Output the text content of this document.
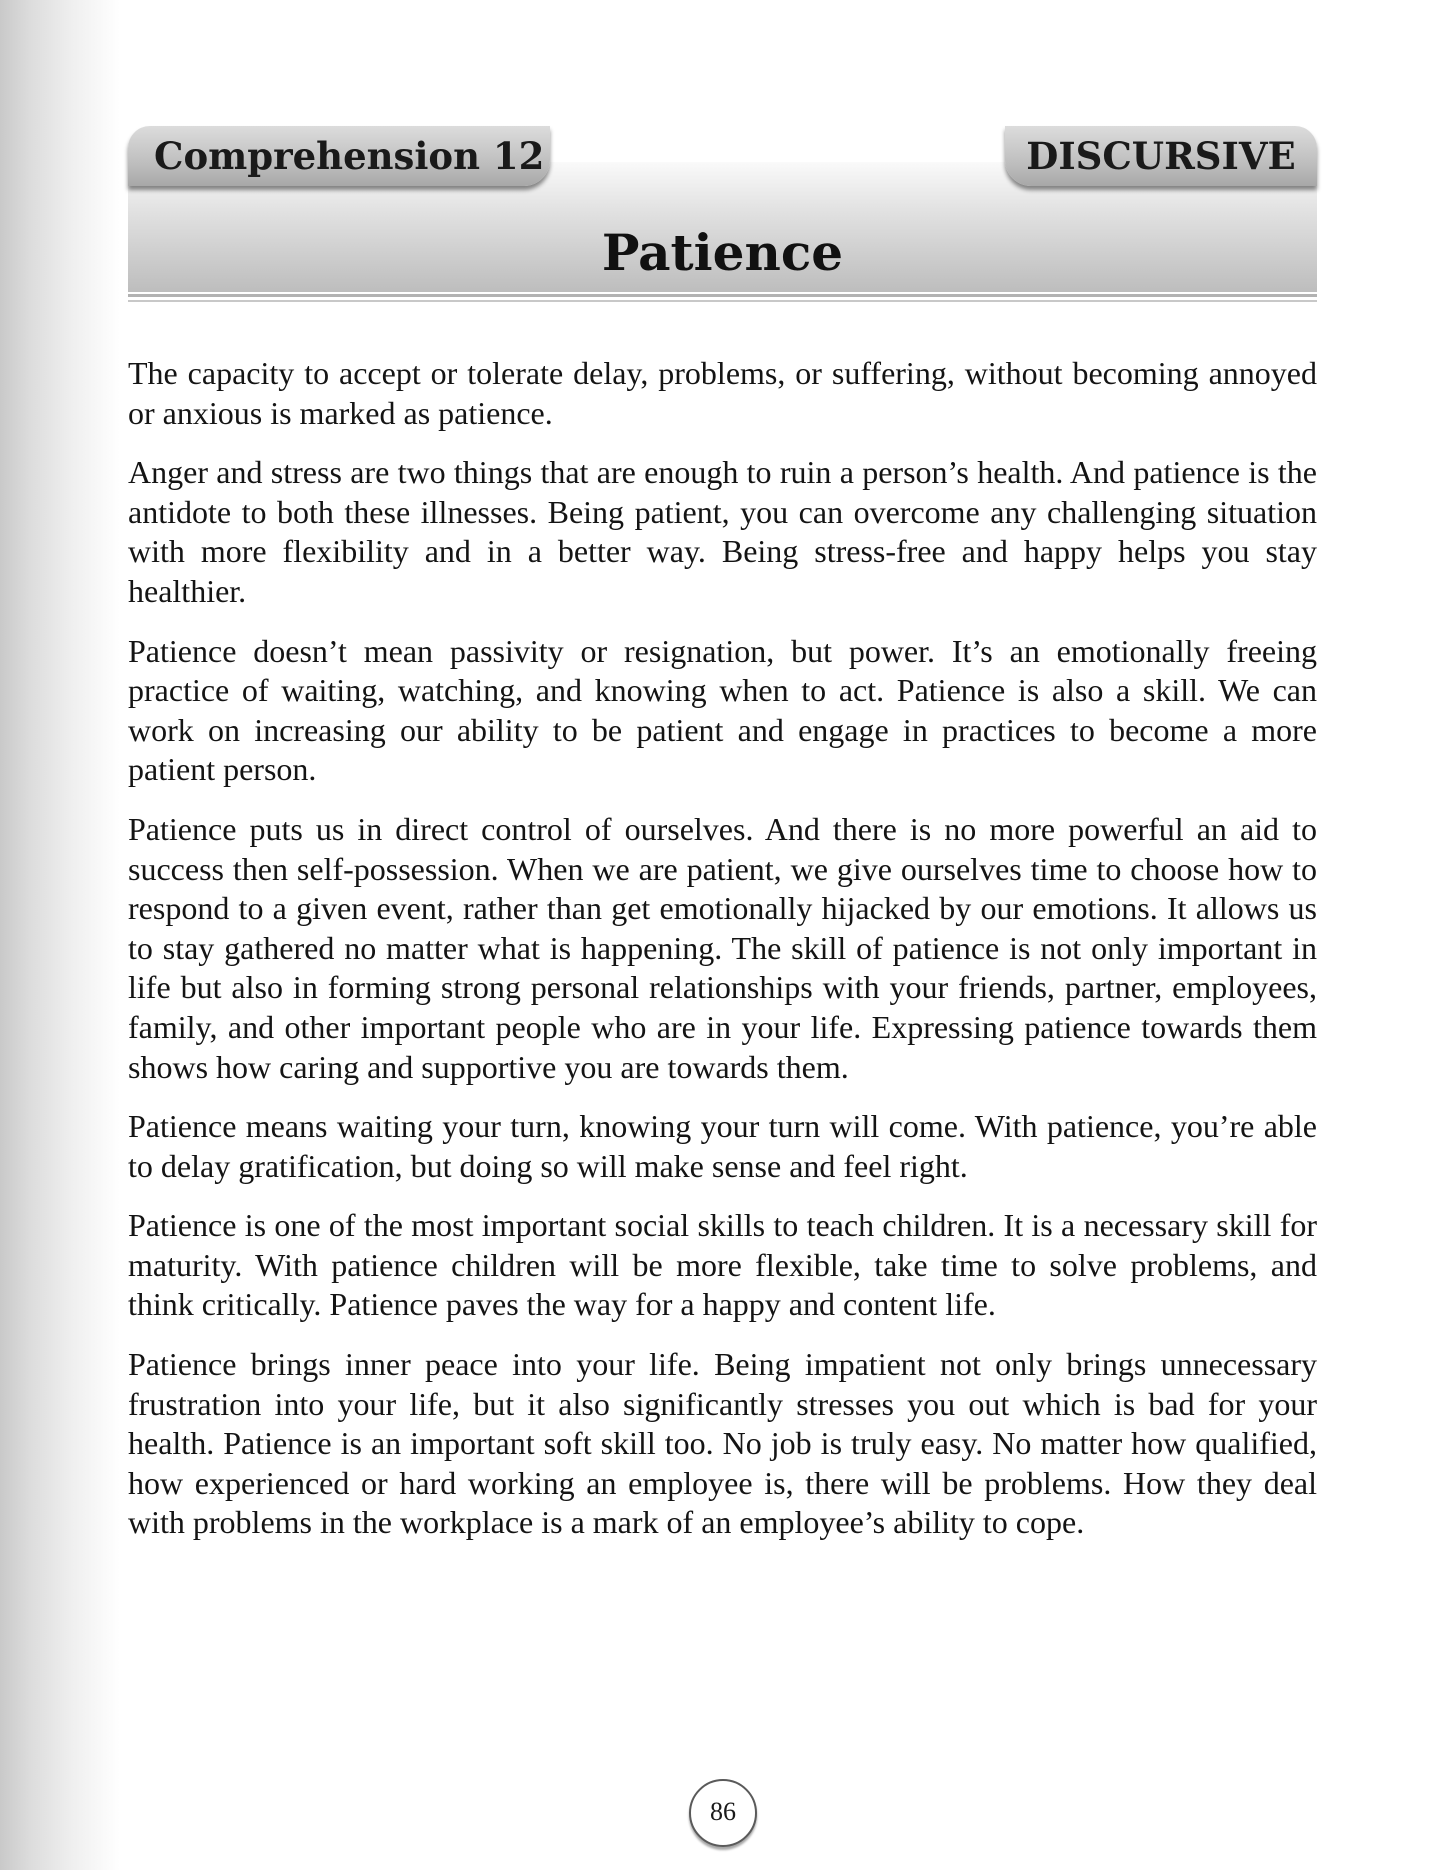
Comprehension 12	DISCURSIVE
Patience

The capacity to accept or tolerate delay, problems, or suffering, without becoming annoyed or anxious is marked as patience.

Anger and stress are two things that are enough to ruin a person’s health. And patience is the antidote to both these illnesses. Being patient, you can overcome any challenging situation with more flexibility and in a better way. Being stress-free and happy helps you stay healthier.

Patience doesn’t mean passivity or resignation, but power. It’s an emotionally freeing practice of waiting, watching, and knowing when to act. Patience is also a skill. We can work on increasing our ability to be patient and engage in practices to become a more patient person.

Patience puts us in direct control of ourselves. And there is no more powerful an aid to success then self-possession. When we are patient, we give ourselves time to choose how to respond to a given event, rather than get emotionally hijacked by our emotions. It allows us to stay gathered no matter what is happening. The skill of patience is not only important in life but also in forming strong personal relationships with your friends, partner, employees, family, and other important people who are in your life. Expressing patience towards them shows how caring and supportive you are towards them.

Patience means waiting your turn, knowing your turn will come. With patience, you’re able to delay gratification, but doing so will make sense and feel right.

Patience is one of the most important social skills to teach children. It is a necessary skill for maturity. With patience children will be more flexible, take time to solve problems, and think critically. Patience paves the way for a happy and content life.

Patience brings inner peace into your life. Being impatient not only brings unnecessary frustration into your life, but it also significantly stresses you out which is bad for your health. Patience is an important soft skill too. No job is truly easy. No matter how qualified, how experienced or hard working an employee is, there will be problems. How they deal with problems in the workplace is a mark of an employee’s ability to cope.

86
